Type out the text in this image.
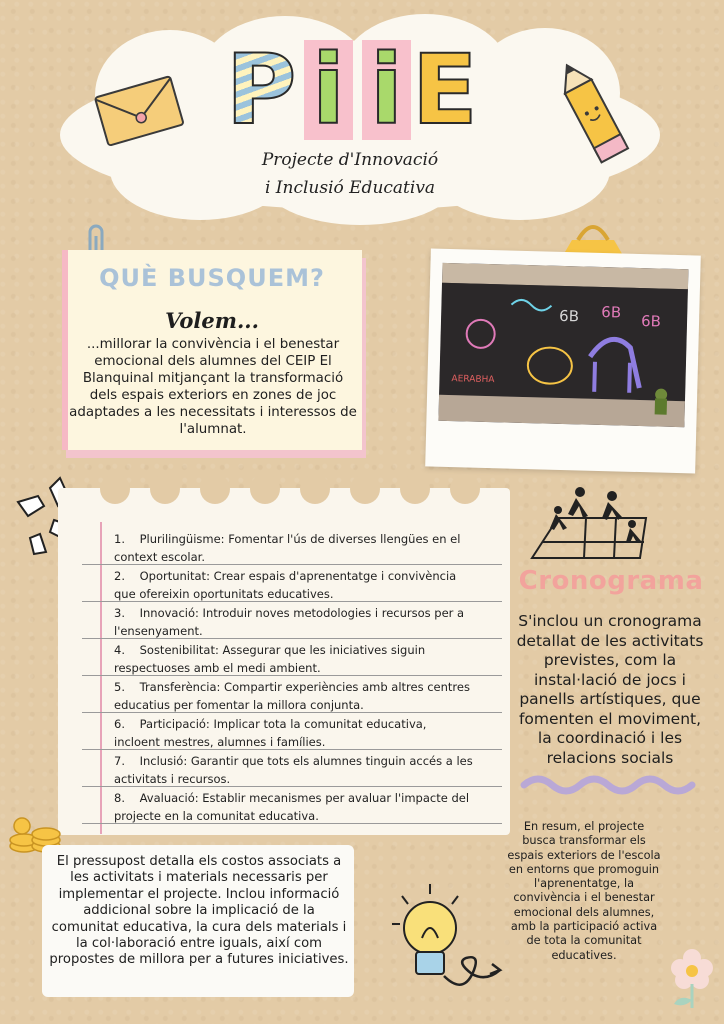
P i i E
Projecte d'Innovació
i Inclusió Educativa
QUÈ BUSQUEM?
Volem...
...millorar la convivència i el benestar emocional dels alumnes del CEIP El Blanquinal mitjançant la transformació dels espais exteriors en zones de joc adaptades a les necessitats i interessos de l'alumnat.
6B 6B 6B
AERABHA
1. Plurilingüisme: Fomentar l'ús de diverses llengües en el context escolar.
2. Oportunitat: Crear espais d'aprenentatge i convivència que ofereixin oportunitats educatives.
3. Innovació: Introduir noves metodologies i recursos per a l'ensenyament.
4. Sostenibilitat: Assegurar que les iniciatives siguin respectuoses amb el medi ambient.
5. Transferència: Compartir experiències amb altres centres educatius per fomentar la millora conjunta.
6. Participació: Implicar tota la comunitat educativa, incloent mestres, alumnes i famílies.
7. Inclusió: Garantir que tots els alumnes tinguin accés a les activitats i recursos.
8. Avaluació: Establir mecanismes per avaluar l'impacte del projecte en la comunitat educativa.
Cronograma
S'inclou un cronograma detallat de les activitats previstes, com la instal·lació de jocs i panells artístiques, que fomenten el moviment, la coordinació i les relacions socials
En resum, el projecte busca transformar els espais exteriors de l'escola en entorns que promoguin l'aprenentatge, la convivència i el benestar emocional dels alumnes, amb la participació activa de tota la comunitat educatives.
El pressupost detalla els costos associats a les activitats i materials necessaris per implementar el projecte. Inclou informació addicional sobre la implicació de la comunitat educativa, la cura dels materials i la col·laboració entre iguals, així com propostes de millora per a futures iniciatives.
